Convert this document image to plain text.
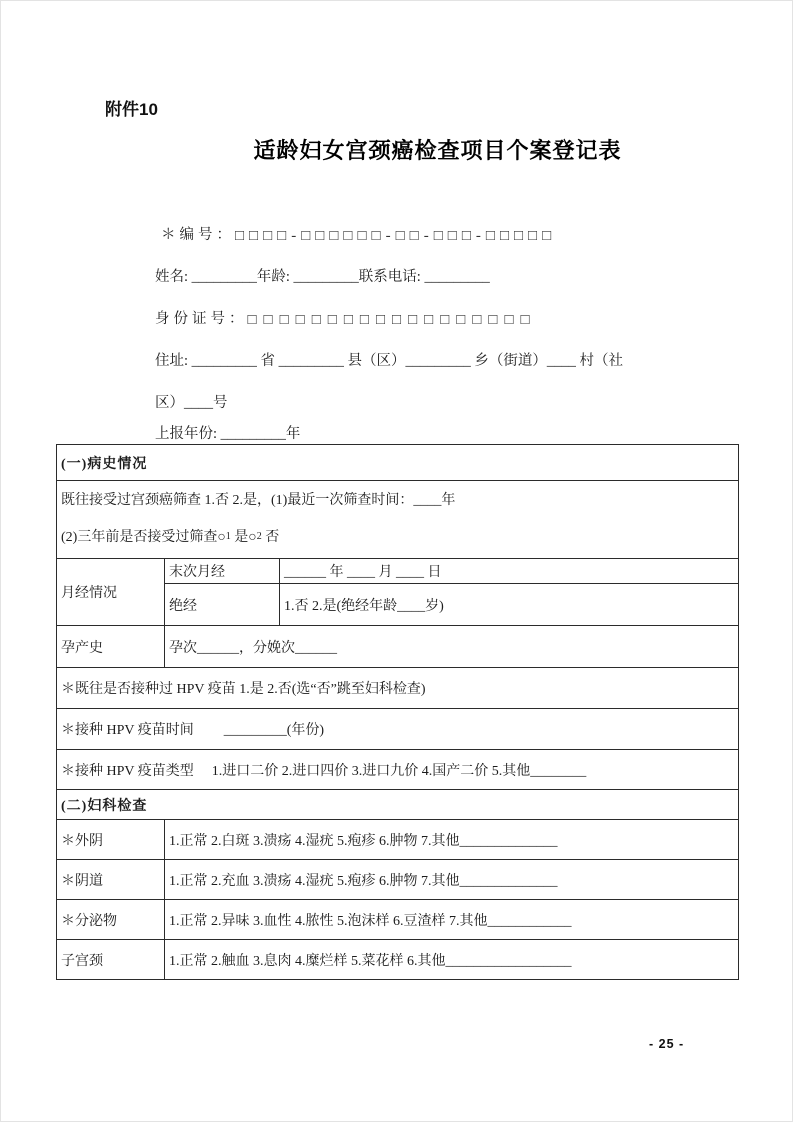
附件10
适龄妇女宫颈癌检查项目个案登记表
＊编号：□□□□-□□□□□□-□□-□□□-□□□□□
姓名: _________年龄: _________联系电话: _________
身份证号：□□□□□□□□□□□□□□□□□□
住址: _________ 省 _________ 县（区）_________ 乡（街道）____ 村（社
区）____号
上报年份: _________年
(一)病史情况		

既往接受过宫颈癌筛查 1.否 2.是，(1)最近一次筛查时间：____年
(2)三年前是否接受过筛查○$^1$ 是○$^2$ 否		

月经情况	末次月经	______ 年 ____ 月 ____ 日
	绝经	1.否 2.是(绝经年龄____岁)
孕产史	孕次______，分娩次______	
＊既往是否接种过 HPV 疫苗 1.是 2.否(选“否”跳至妇科检查)		
＊接种 HPV 疫苗时间 _________(年份)		
＊接种 HPV 疫苗类型 1.进口二价 2.进口四价 3.进口九价 4.国产二价 5.其他________		
(二)妇科检查		
＊外阴	1.正常 2.白斑 3.溃疡 4.湿疣 5.疱疹 6.肿物 7.其他______________	
＊阴道	1.正常 2.充血 3.溃疡 4.湿疣 5.疱疹 6.肿物 7.其他______________	
＊分泌物	1.正常 2.异味 3.血性 4.脓性 5.泡沫样 6.豆渣样 7.其他____________	
子宫颈	1.正常 2.触血 3.息肉 4.糜烂样 5.菜花样 6.其他__________________	
- 25 -
